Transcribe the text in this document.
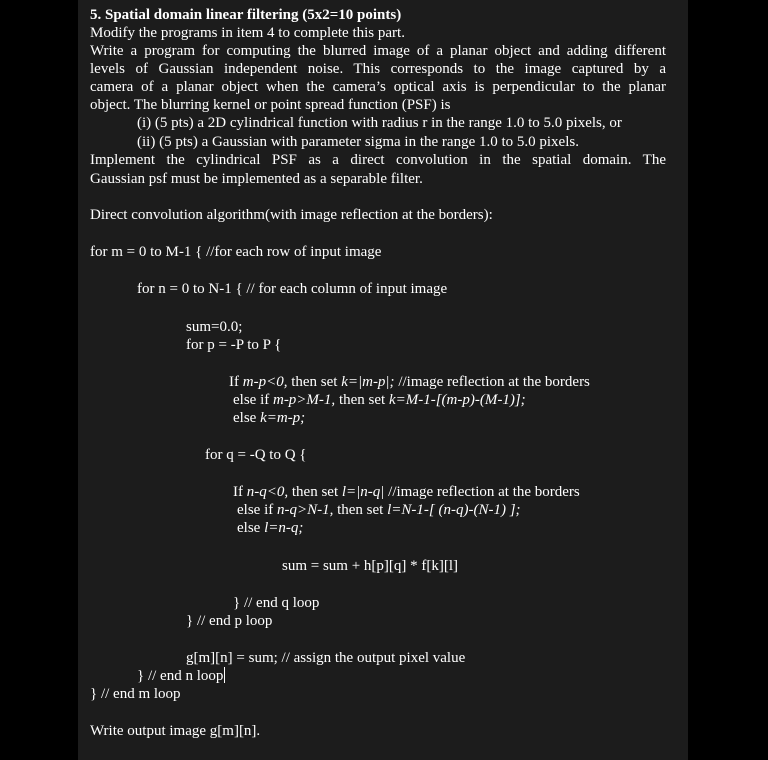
5. Spatial domain linear filtering (5x2=10 points)
Modify the programs in item 4 to complete this part.
Write a program for computing the blurred image of a planar object and adding different
levels of Gaussian independent noise. This corresponds to the image captured by a
camera of a planar object when the camera’s optical axis is perpendicular to the planar
object. The blurring kernel or point spread function (PSF) is
(i) (5 pts) a 2D cylindrical function with radius r in the range 1.0 to 5.0 pixels, or
(ii) (5 pts) a Gaussian with parameter sigma in the range 1.0 to 5.0 pixels.
Implement the cylindrical PSF as a direct convolution in the spatial domain. The
Gaussian psf must be implemented as a separable filter.
Direct convolution algorithm(with image reflection at the borders):
for m = 0 to M-1 { //for each row of input image
for n = 0 to N-1 { // for each column of input image
sum=0.0;
for p = -P to P {
If m-p<0, then set k=|m-p|; //image reflection at the borders
else if m-p>M-1, then set k=M-1-[(m-p)-(M-1)];
else k=m-p;
for q = -Q to Q {
If n-q<0, then set l=|n-q| //image reflection at the borders
else if n-q>N-1, then set l=N-1-[ (n-q)-(N-1) ];
else l=n-q;
sum = sum + h[p][q] * f[k][l]
} // end q loop
} // end p loop
g[m][n] = sum; // assign the output pixel value
} // end n loop
} // end m loop
Write output image g[m][n].
